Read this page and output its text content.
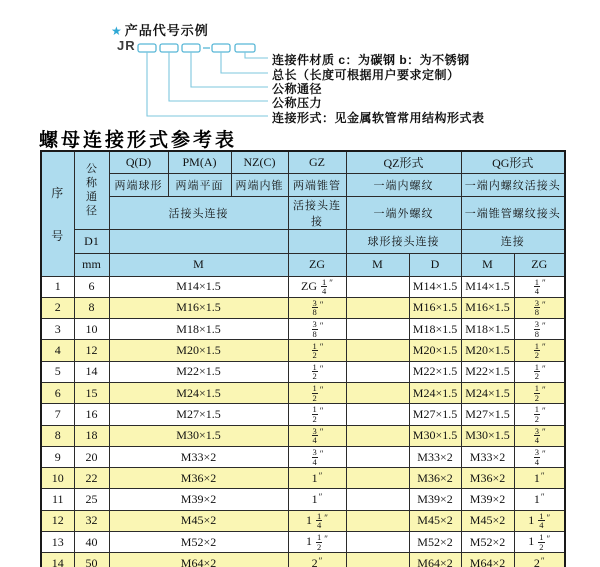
★ 产品代号示例
JR
连接件材质 c：为碳钢 b：为不锈钢
总长（长度可根据用户要求定制）
公称通径
公称压力
连接形式：见金属软管常用结构形式表
螺母连接形式参考表
序
号

公
称
通
径
	Q(D)	PM(A)	NZ(C)	GZ	QZ形式	QG形式
		两端球形	两端平面	两端内锥	两端锥管	一端内螺纹		一端内螺纹活接头	
		活接头连接			活接头连接	一端外螺纹		一端锥管螺纹接头	
	D1					球形接头连接		连接	
	mm	M			ZG	M	D	M	ZG
1	6	M14×1.5			ZG $\frac{1}{4} ''$		M14×1.5	M14×1.5	$\frac{1}{4} ''$
2	8	M16×1.5			$\frac{3}{8} ''$		M16×1.5	M16×1.5	$\frac{3}{8} ''$
3	10	M18×1.5			$\frac{3}{8} ''$		M18×1.5	M18×1.5	$\frac{3}{8} ''$
4	12	M20×1.5			$\frac{1}{2} ''$		M20×1.5	M20×1.5	$\frac{1}{2} ''$
5	14	M22×1.5			$\frac{1}{2} ''$		M22×1.5	M22×1.5	$\frac{1}{2} ''$
6	15	M24×1.5			$\frac{1}{2} ''$		M24×1.5	M24×1.5	$\frac{1}{2} ''$
7	16	M27×1.5			$\frac{1}{2} ''$		M27×1.5	M27×1.5	$\frac{1}{2} ''$
8	18	M30×1.5			$\frac{3}{4} ''$		M30×1.5	M30×1.5	$\frac{3}{4} ''$
9	20	M33×2			$\frac{3}{4} ''$		M33×2	M33×2	$\frac{3}{4} ''$
10	22	M36×2			1″		M36×2	M36×2	1″
11	25	M39×2			1″		M39×2	M39×2	1″
12	32	M45×2			$1 \frac{1}{4} ''$		M45×2	M45×2	$1 \frac{1}{4} ''$
13	40	M52×2			$1 \frac{1}{2} ''$		M52×2	M52×2	$1 \frac{1}{2} ''$
14	50	M64×2			2″		M64×2	M64×2	2″
